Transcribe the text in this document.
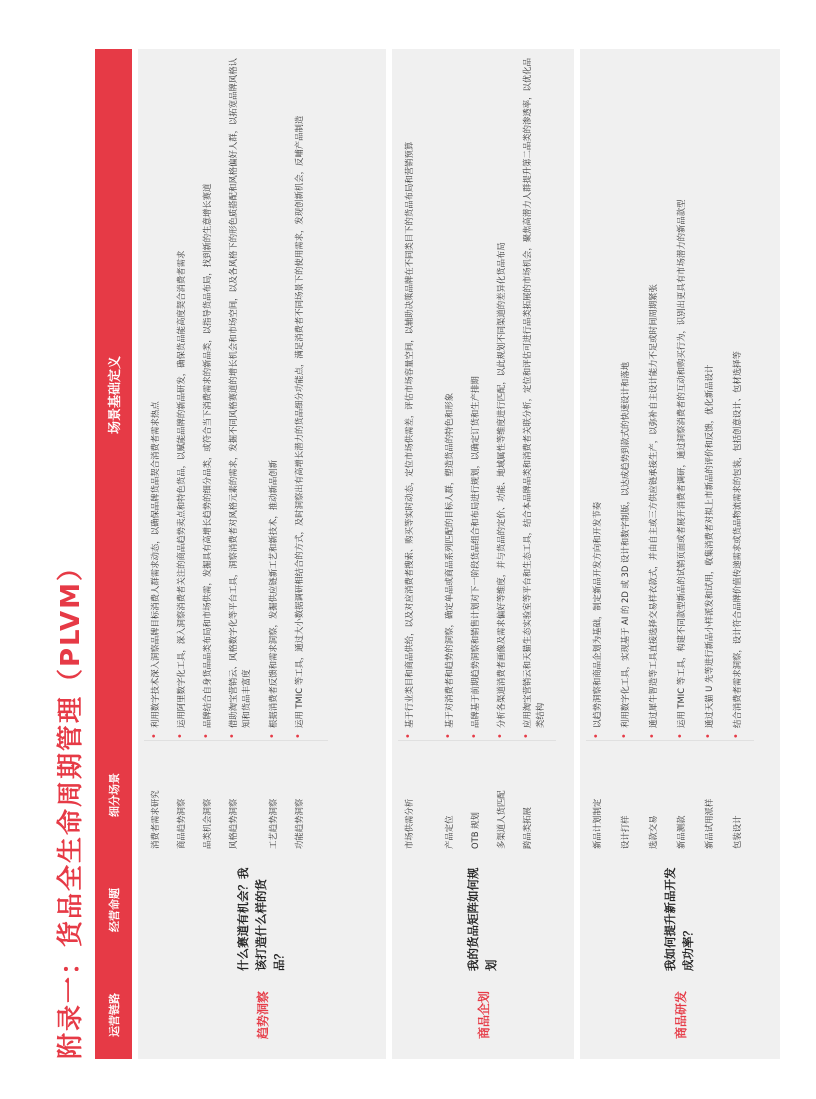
附录一：货品全生命周期管理（PLVM）	运营链路
经营命题
细分场景
场景基础定义
趋势洞察
什么赛道有机会？我该打造什么样的货品？
消费者需求研究
•
利用数字技术深入洞察品牌目标消费人群需求动态，以确保品牌货品契合消费者需求热点
商品趋势洞察
•
运用阿里数字化工具，深入洞察消费者关注的商品趋势卖点和特色货品，以赋能品牌的新品研发，确保货品能高度契合消费者需求
品类机会洞察
•
品牌结合自身货品品类布局和市场供需，发掘具有高增长趋势的细分品类，或符合当下消费需求的新品类，以指导货品布局，找到新的生意增长赛道
风格趋势洞察
•
借助淘宝营销云、风格数字化等平台工具，洞察消费者对风格元素的需求，发掘不同风格赛道的增长机会和市场空间，以及各风格下的形色质搭配和风格偏好人群，以拓宽品牌风格认知和货品丰富度
工艺趋势洞察
•
根据消费者反馈和需求洞察，发掘供应链新工艺和新技术，推动新品创新
功能趋势洞察
•
运用 TMIC 等工具，通过大小数据调研相结合的方式，及时洞察出有高增长潜力的货品细分功能点，满足消费者不同场景下的使用需求，发现创新机会，反哺产品制造
商品企划
我的货品矩阵如何规划
市场供需分析
•
基于行业类目和商品供给，以及对应消费者搜索、购买等实时动态，定位市场供需差，评估市场容量空间，以辅助决策品牌在不同类目下的货品布局和营销预算
产品定位
•
基于对消费者和趋势的洞察，确定单品或商品系列匹配的目标人群，塑造货品的特色和形象
OTB 规划
•
品牌基于前期趋势洞察和销售计划对下一阶段货品组合和布局进行规划，以确定订货和生产排期
多渠道人货匹配
•
分析各渠道消费者画像及需求偏好等维度，并与货品的定价、功能、地域属性等维度进行匹配，以此规划不同渠道的差异化货品布局
跨品类拓展
•
应用淘宝营销云和天猫生态实验室等平台和生态工具，结合本品牌品类和消费者关联分析，定位和评估可进行品类拓展的市场机会，聚焦高潜力人群提升第二品类的渗透率，以优化品类结构
商品研发
我如何提升新品开发成功率？
新品计划制定
•
以趋势洞察和商品企划为基础，制定新品开发方向和开发节奏
设计打样
•
利用数字化工具，实现基于 AI 的 2D 或 3D 设计和数字制版，以达成趋势到款式的快速设计和落地
选款交易
•
通过犀牛智造等工具直接选择交易样衣款式，并由自主或三方供应链承接生产，以弥补自主设计能力不足或时间周期紧张
新品测款
•
运用 TMIC 等工具，构建不同款型新品的试销页面或者展开消费者调研，通过洞察消费者的互动和购买行为，识别出更具有市场潜力的新品款型
新品试用派样
•
通过天猫 U 先等进行新品小样派发和试用，收集消费者对拟上市新品的评价和反馈，优化新品设计
包装设计
•
结合消费者需求洞察，设计符合品牌价值传递需求或货品物流需求的包装，包括创意设计、包材选择等
